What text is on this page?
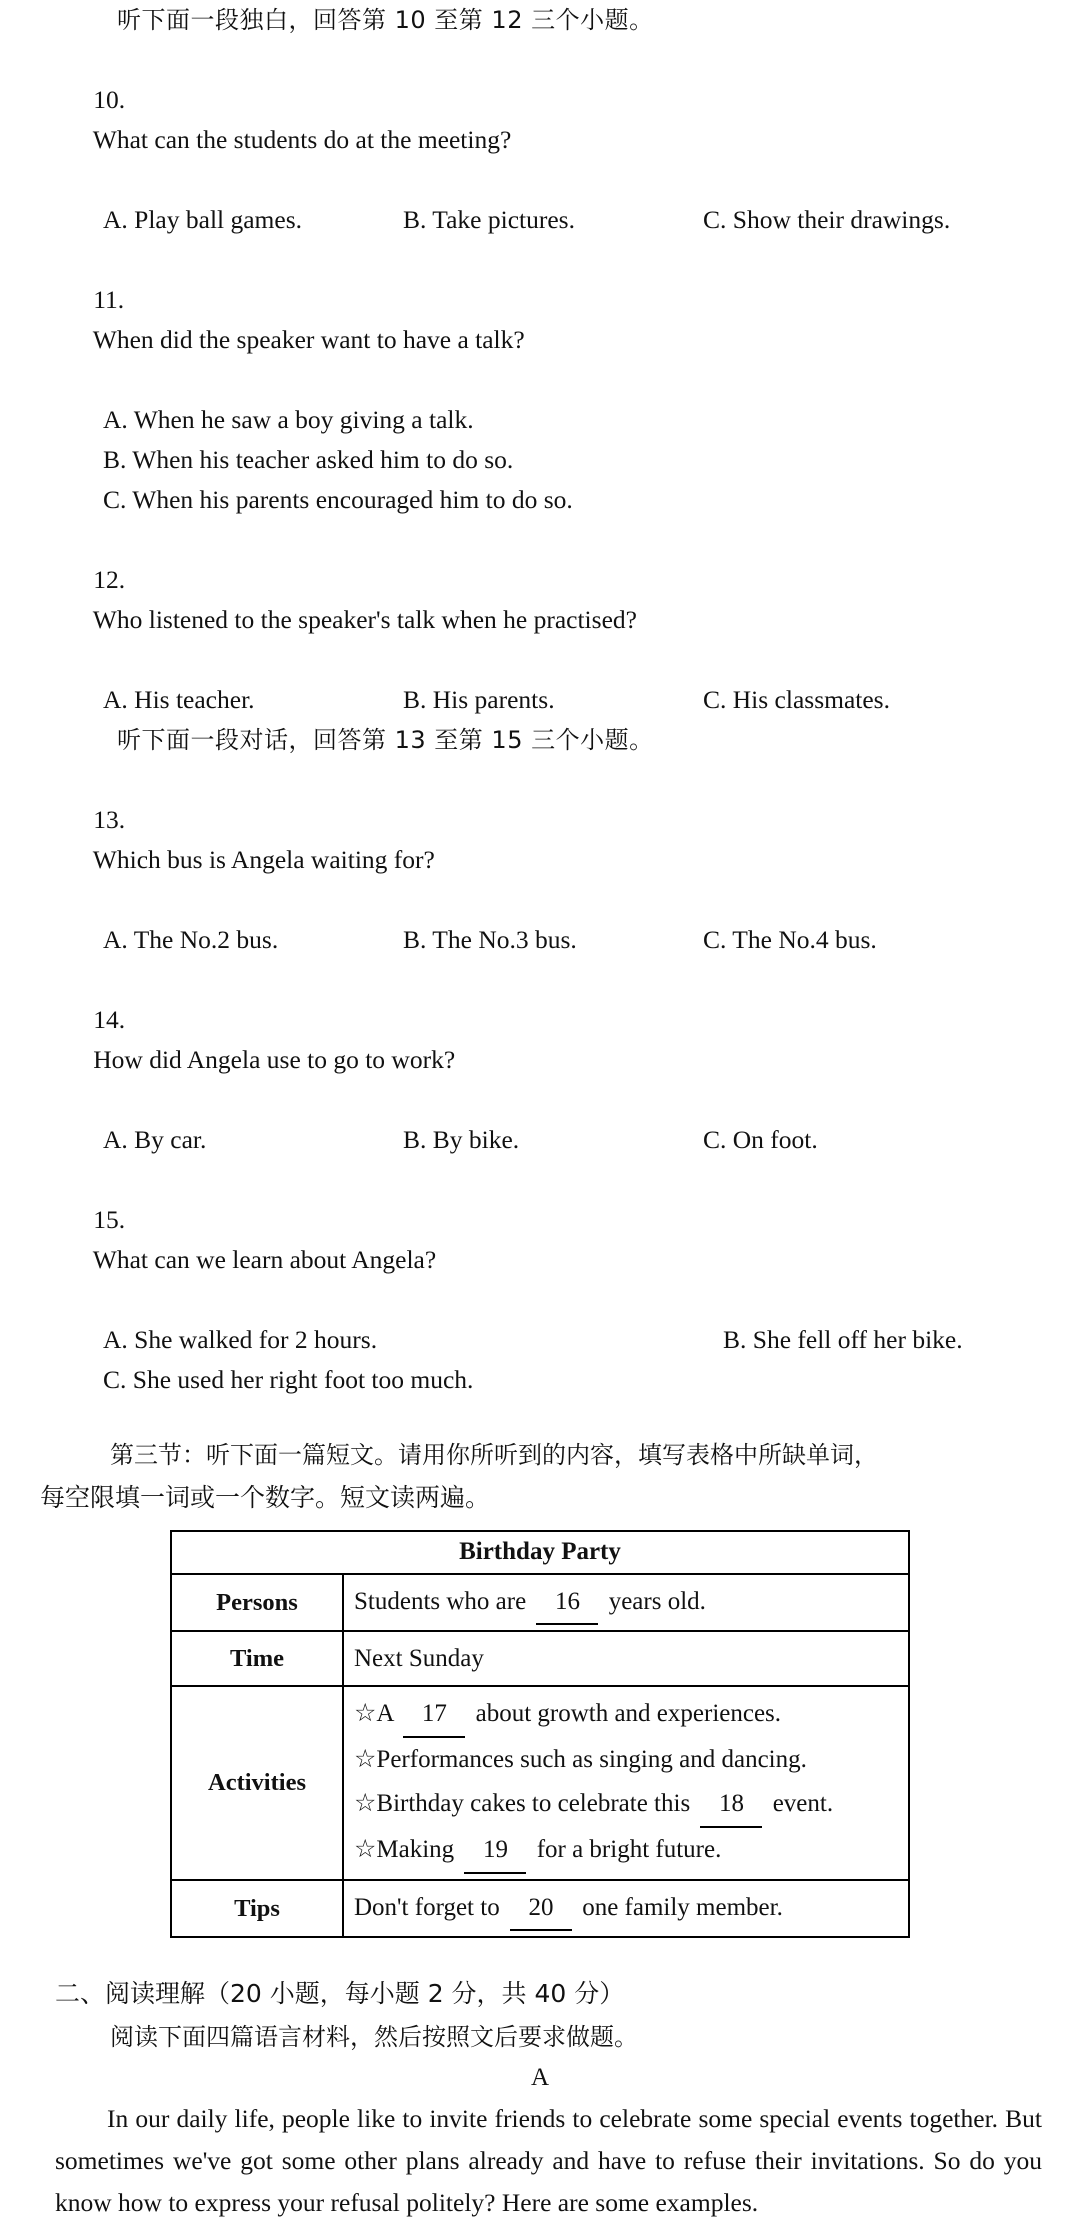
听下面一段独白，回答第 10 至第 12 三个小题。

10.
What can the students do at the meeting?

A. Play ball games.	B. Take pictures.	C. Show their drawings.

11.
When did the speaker want to have a talk?

A. When he saw a boy giving a talk.
B. When his teacher asked him to do so.
C. When his parents encouraged him to do so.

12.
Who listened to the speaker's talk when he practised?

A. His teacher.	B. His parents.	C. His classmates.
听下面一段对话，回答第 13 至第 15 三个小题。

13.
Which bus is Angela waiting for?

A. The No.2 bus.	B. The No.3 bus.	C. The No.4 bus.

14.
How did Angela use to go to work?

A. By car.	B. By bike.	C. On foot.

15.
What can we learn about Angela?

A. She walked for 2 hours.	B. She fell off her bike.
C. She used her right foot too much.
第三节：听下面一篇短文。请用你所听到的内容，填写表格中所缺单词，
每空限填一词或一个数字。短文读两遍。
Birthday Party	
Persons	Students who are 16 years old.
Time	Next Sunday
Activities	☆A 17 about growth and experiences.
☆Performances such as singing and dancing.
☆Birthday cakes to celebrate this 18 event.
☆Making 19 for a bright future.

Tips	Don't forget to 20 one family member.
二、阅读理解（20 小题，每小题 2 分，共 40 分）
阅读下面四篇语言材料，然后按照文后要求做题。
A
In our daily life, people like to invite friends to celebrate some special events together. But sometimes we've got some other plans already and have to refuse their invitations. So do you know how to express your refusal politely? Here are some examples.
